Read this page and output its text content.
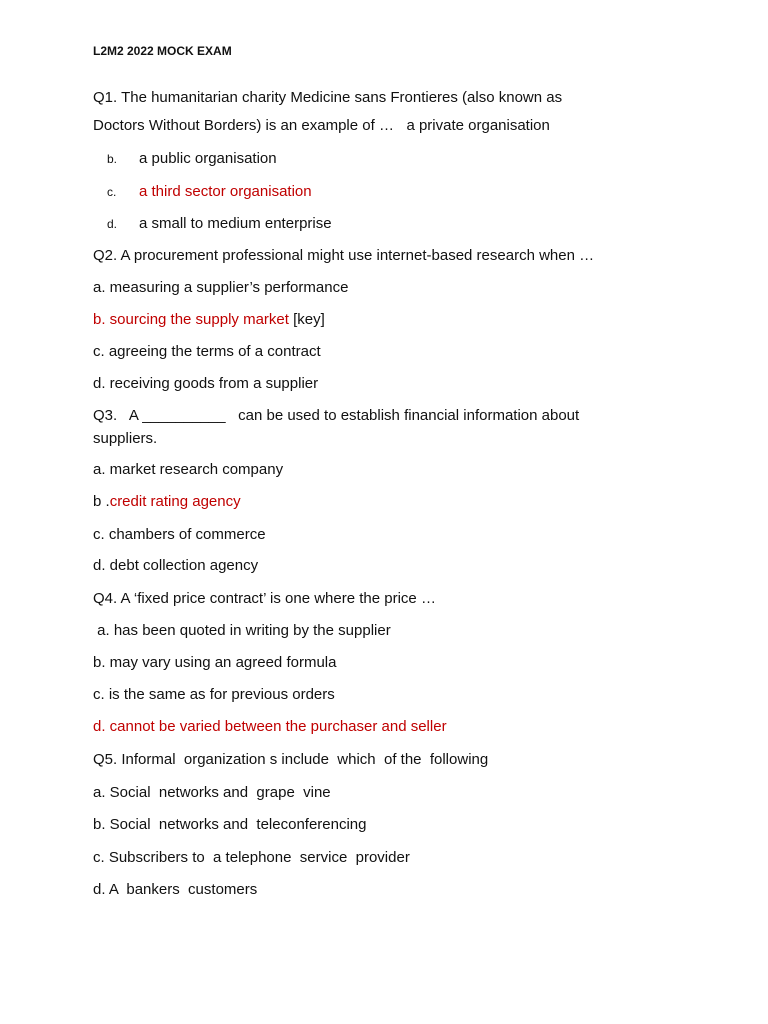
L2M2 2022 MOCK EXAM
Q1. The humanitarian charity Medicine sans Frontieres (also known as
Doctors Without Borders) is an example of …   a private organisation
b. a public organisation
c. a third sector organisation
d. a small to medium enterprise
Q2. A procurement professional might use internet-based research when …
a. measuring a supplier’s performance
b. sourcing the supply market [key]
c. agreeing the terms of a contract
d. receiving goods from a supplier
Q3.   A __________   can be used to establish financial information about
suppliers.
a. market research company
b .credit rating agency
c. chambers of commerce
d. debt collection agency
Q4. A ‘fixed price contract’ is one where the price …
a. has been quoted in writing by the supplier
b. may vary using an agreed formula
c. is the same as for previous orders
d. cannot be varied between the purchaser and seller
Q5. Informal  organization s include  which  of the  following
a. Social  networks and  grape  vine
b. Social  networks and  teleconferencing
c. Subscribers to  a telephone  service  provider
d. A  bankers  customers
